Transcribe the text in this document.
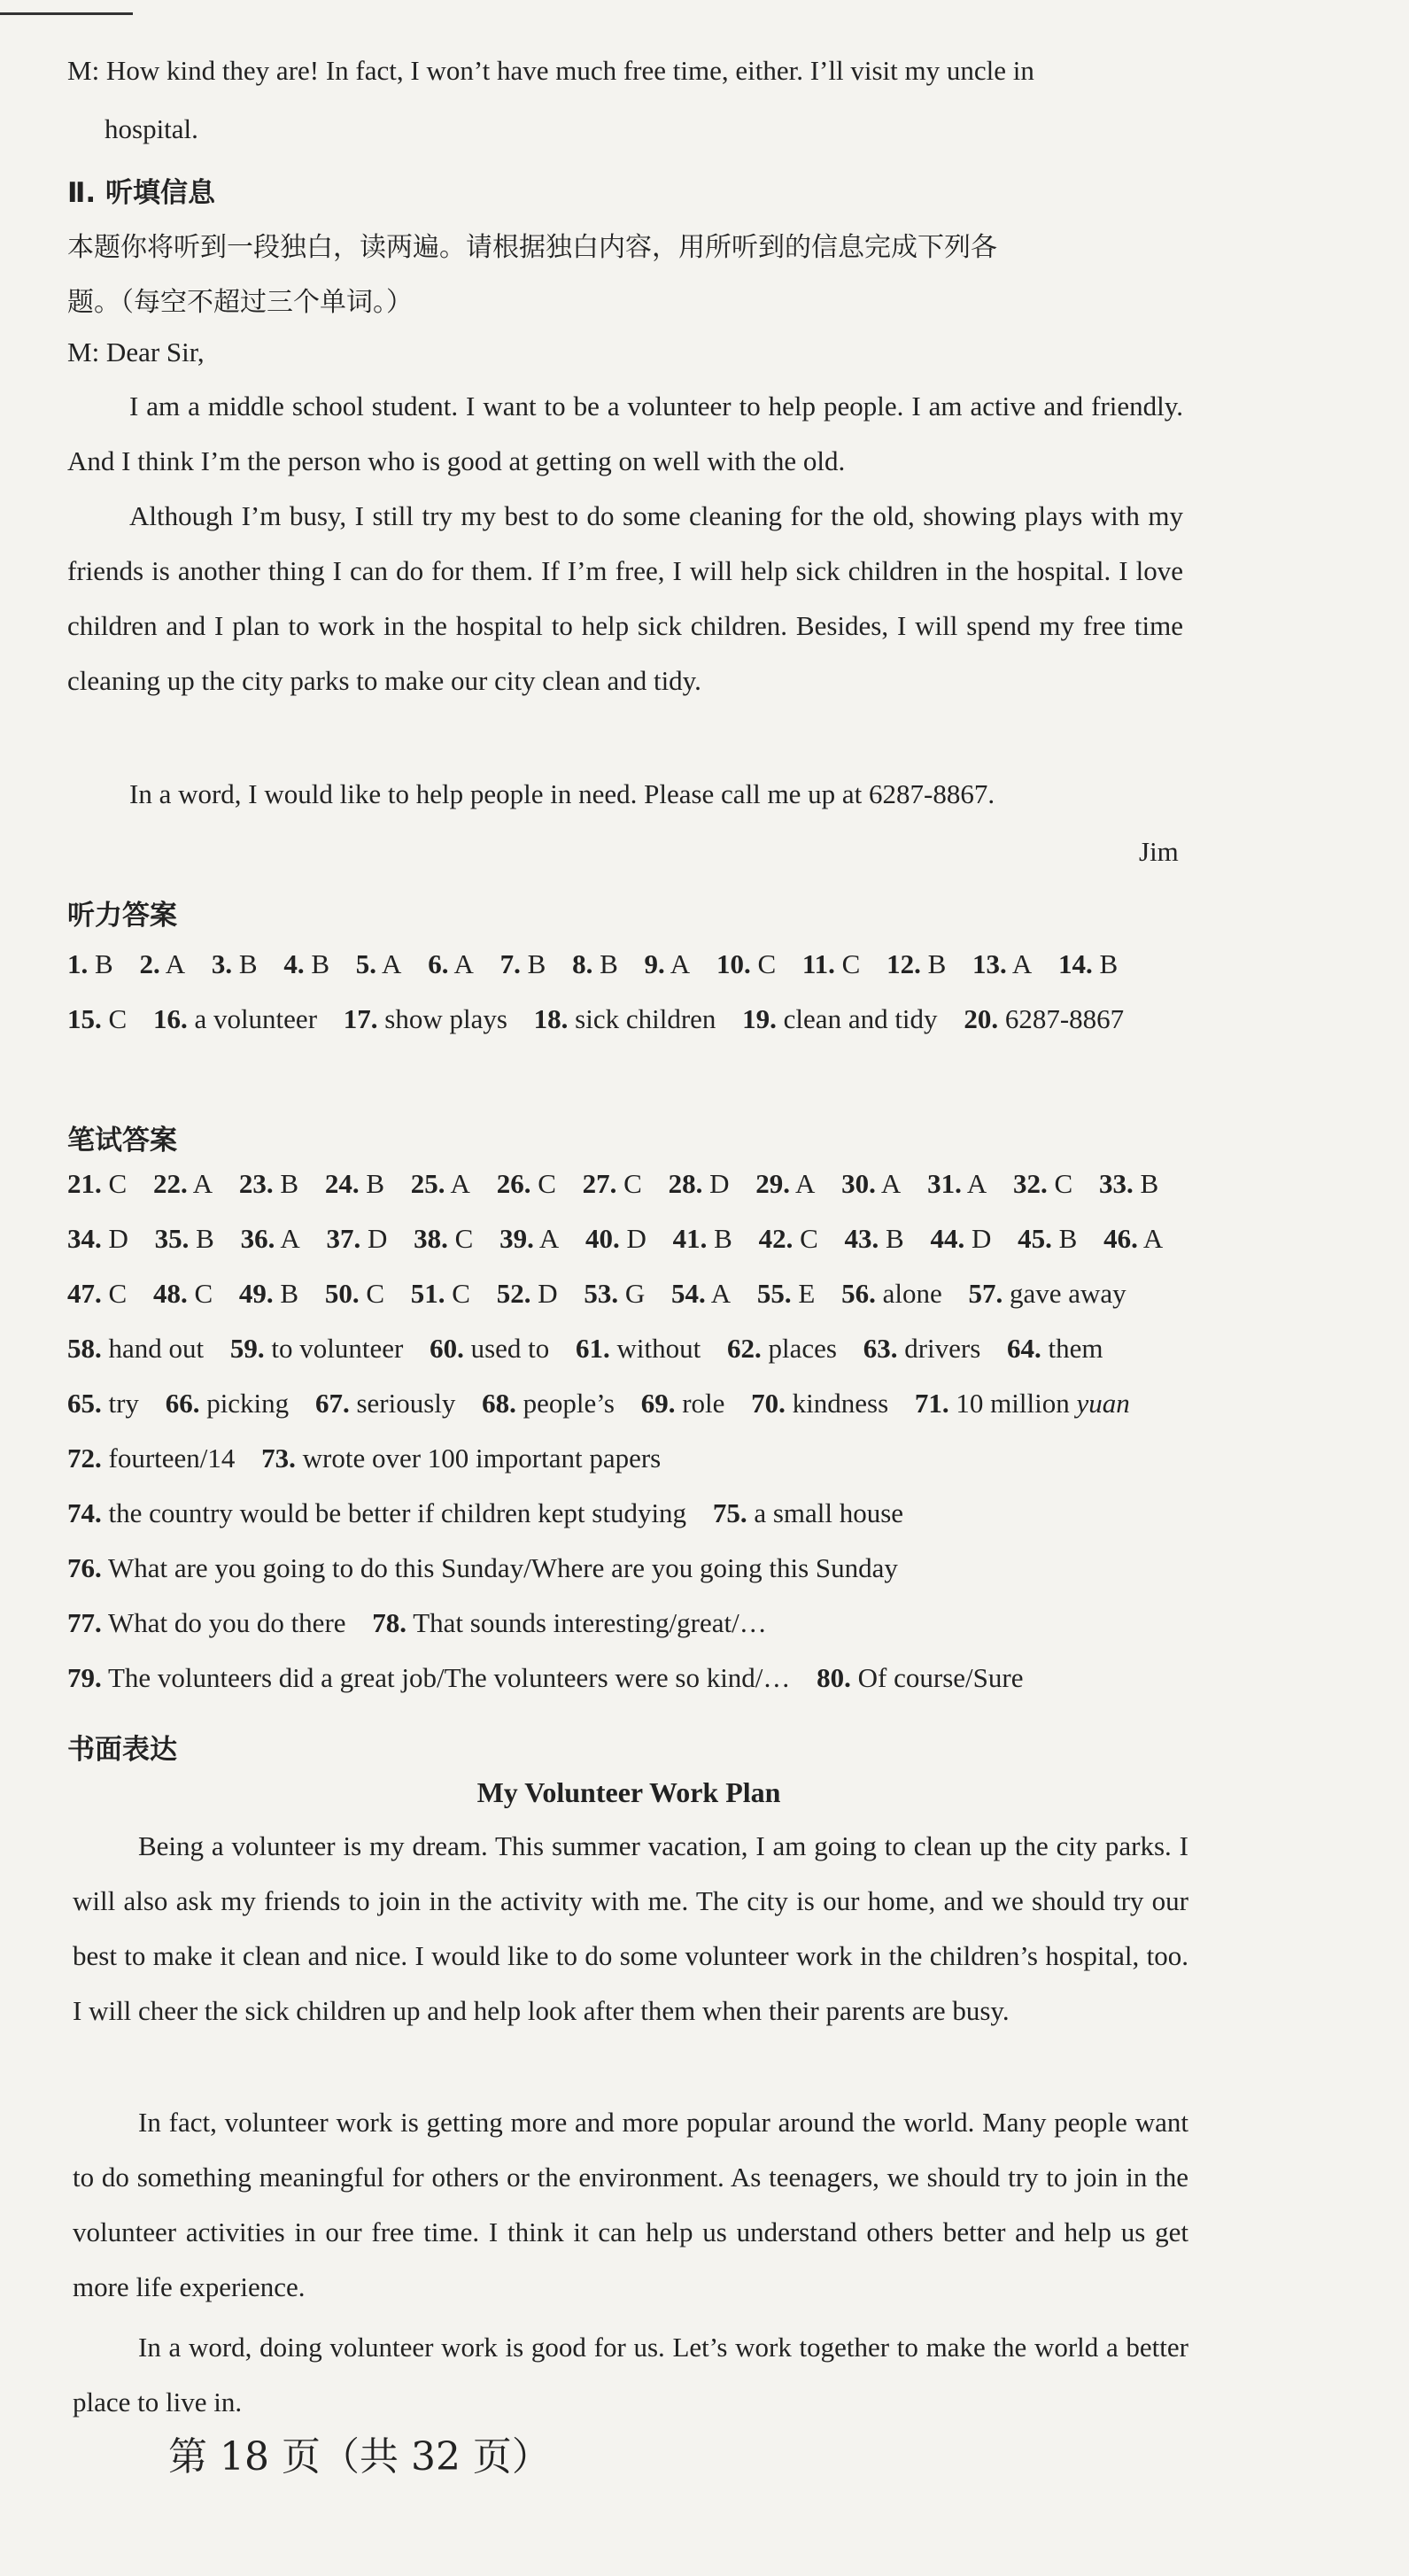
M: How kind they are! In fact, I won’t have much free time, either. I’ll visit my uncle in
hospital.
Ⅱ. 听填信息
本题你将听到一段独白，读两遍。请根据独白内容，用所听到的信息完成下列各
题。（每空不超过三个单词。）
M: Dear Sir,
I am a middle school student. I want to be a volunteer to help people. I am active and friendly. And I think I’m the person who is good at getting on well with the old.
Although I’m busy, I still try my best to do some cleaning for the old, showing plays with my friends is another thing I can do for them. If I’m free, I will help sick children in the hospital. I love children and I plan to work in the hospital to help sick children. Besides, I will spend my free time cleaning up the city parks to make our city clean and tidy.
In a word, I would like to help people in need. Please call me up at 6287-8867.
Jim
听力答案
1. B 2. A 3. B 4. B 5. A 6. A 7. B 8. B 9. A 10. C 11. C 12. B 13. A 14. B 15. C 16. a volunteer 17. show plays 18. sick children 19. clean and tidy 20. 6287-8867
笔试答案
21. C 22. A 23. B 24. B 25. A 26. C 27. C 28. D 29. A 30. A 31. A 32. C 33. B 34. D 35. B 36. A 37. D 38. C 39. A 40. D 41. B 42. C 43. B 44. D 45. B 46. A 47. C 48. C 49. B 50. C 51. C 52. D 53. G 54. A 55. E 56. alone 57. gave away 58. hand out 59. to volunteer 60. used to 61. without 62. places 63. drivers 64. them 65. try 66. picking 67. seriously 68. people’s 69. role 70. kindness 71. 10 million yuan 72. fourteen/14 73. wrote over 100 important papers 74. the country would be better if children kept studying 75. a small house 76. What are you going to do this Sunday/Where are you going this Sunday 77. What do you do there 78. That sounds interesting/great/… 79. The volunteers did a great job/The volunteers were so kind/… 80. Of course/Sure
书面表达
My Volunteer Work Plan
Being a volunteer is my dream. This summer vacation, I am going to clean up the city parks. I will also ask my friends to join in the activity with me. The city is our home, and we should try our best to make it clean and nice. I would like to do some volunteer work in the children’s hospital, too. I will cheer the sick children up and help look after them when their parents are busy.
In fact, volunteer work is getting more and more popular around the world. Many people want to do something meaningful for others or the environment. As teenagers, we should try to join in the volunteer activities in our free time. I think it can help us understand others better and help us get more life experience.
In a word, doing volunteer work is good for us. Let’s work together to make the world a better place to live in.
第 18 页（共 32 页）
